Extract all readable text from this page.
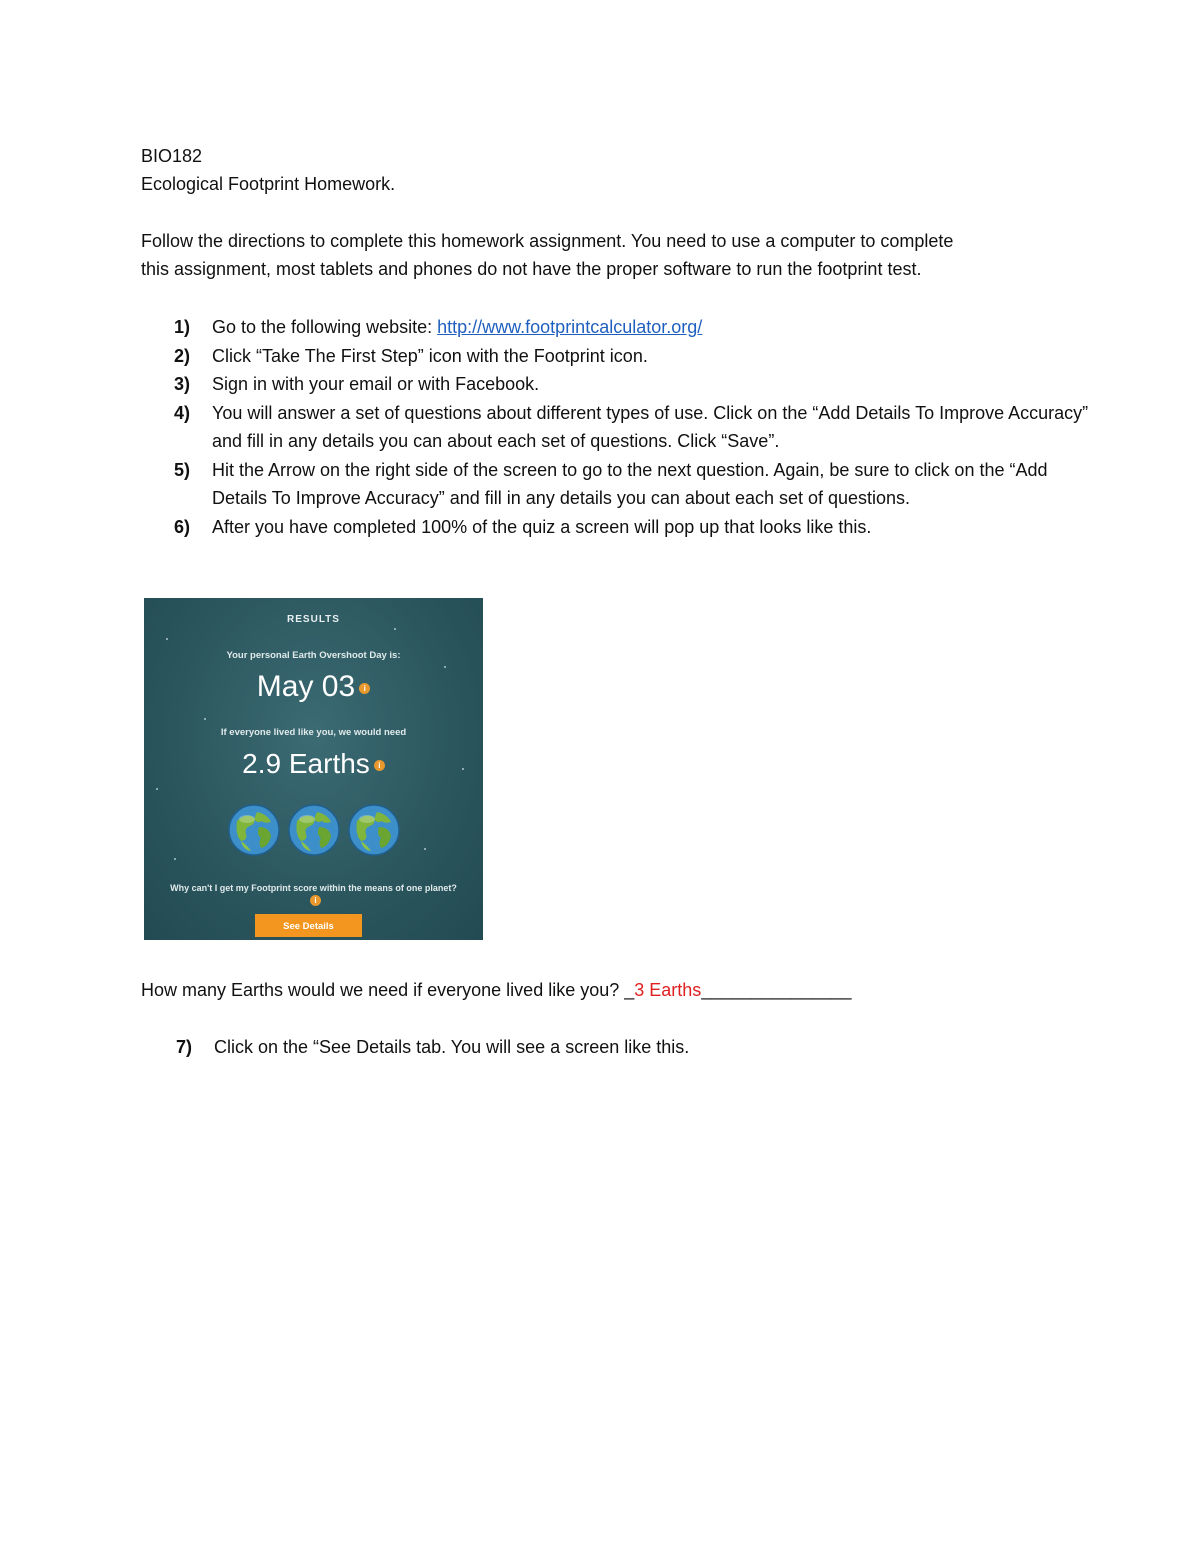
BIO182
Ecological Footprint Homework.
Follow the directions to complete this homework assignment. You need to use a computer to complete
this assignment, most tablets and phones do not have the proper software to run the footprint test.
1) Go to the following website: http://www.footprintcalculator.org/
2) Click “Take The First Step” icon with the Footprint icon.
3) Sign in with your email or with Facebook.
4) You will answer a set of questions about different types of use. Click on the “Add Details To Improve Accuracy” and fill in any details you can about each set of questions. Click “Save”.
5) Hit the Arrow on the right side of the screen to go to the next question. Again, be sure to click on the “Add Details To Improve Accuracy” and fill in any details you can about each set of questions.
6) After you have completed 100% of the quiz a screen will pop up that looks like this.
RESULTS
Your personal Earth Overshoot Day is:
May 03 i
If everyone lived like you, we would need
2.9 Earths i
Why can't I get my Footprint score within the means of one planet?i
See Details
How many Earths would we need if everyone lived like you? _3 Earths_______________
7) Click on the “See Details tab. You will see a screen like this.
